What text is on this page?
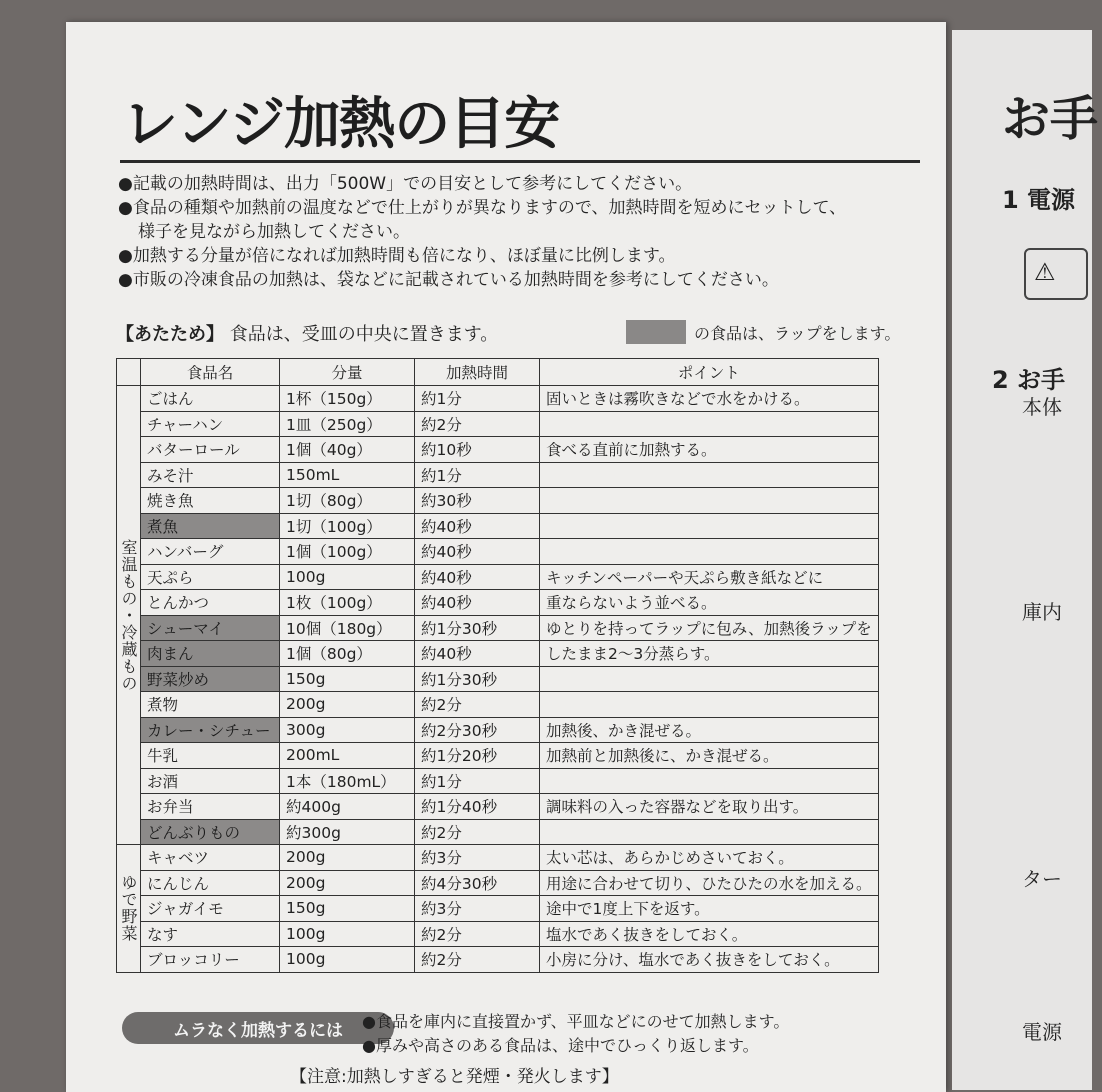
レンジ加熱の目安
●記載の加熱時間は、出力「500W」での目安として参考にしてください。
●食品の種類や加熱前の温度などで仕上がりが異なりますので、加熱時間を短めにセットして、
様子を見ながら加熱してください。
●加熱する分量が倍になれば加熱時間も倍になり、ほぼ量に比例します。
●市販の冷凍食品の加熱は、袋などに記載されている加熱時間を参考にしてください。
【あたため】 食品は、受皿の中央に置きます。	の食品は、ラップをします。
	食品名	分量	加熱時間	ポイント
室温もの・冷蔵もの	ごはん	1杯（150g）	約1分	固いときは霧吹きなどで水をかける。
	チャーハン	1皿（250g）	約2分	
	バターロール	1個（40g）	約10秒	食べる直前に加熱する。
	みそ汁	150mL	約1分	
	焼き魚	1切（80g）	約30秒	
	煮魚	1切（100g）	約40秒	
	ハンバーグ	1個（100g）	約40秒	
	天ぷら	100g	約40秒	キッチンペーパーや天ぷら敷き紙などに
	とんかつ	1枚（100g）	約40秒	重ならないよう並べる。
	シューマイ	10個（180g）	約1分30秒	ゆとりを持ってラップに包み、加熱後ラップを
	肉まん	1個（80g）	約40秒	したまま2～3分蒸らす。
	野菜炒め	150g	約1分30秒	
	煮物	200g	約2分	
	カレー・シチュー	300g	約2分30秒	加熱後、かき混ぜる。
	牛乳	200mL	約1分20秒	加熱前と加熱後に、かき混ぜる。
	お酒	1本（180mL）	約1分	
	お弁当	約400g	約1分40秒	調味料の入った容器などを取り出す。
	どんぶりもの	約300g	約2分	
ゆで野菜	キャベツ	200g	約3分	太い芯は、あらかじめさいておく。
	にんじん	200g	約4分30秒	用途に合わせて切り、ひたひたの水を加える。
	ジャガイモ	150g	約3分	途中で1度上下を返す。
	なす	100g	約2分	塩水であく抜きをしておく。
	ブロッコリー	100g	約2分	小房に分け、塩水であく抜きをしておく。
ムラなく加熱するには	●食品を庫内に直接置かず、平皿などにのせて加熱します。
●厚みや高さのある食品は、途中でひっくり返します。
【注意:加熱しすぎると発煙・発火します】
お手
1 電源
⚠
2 お手
本体
庫内
ター
電源
